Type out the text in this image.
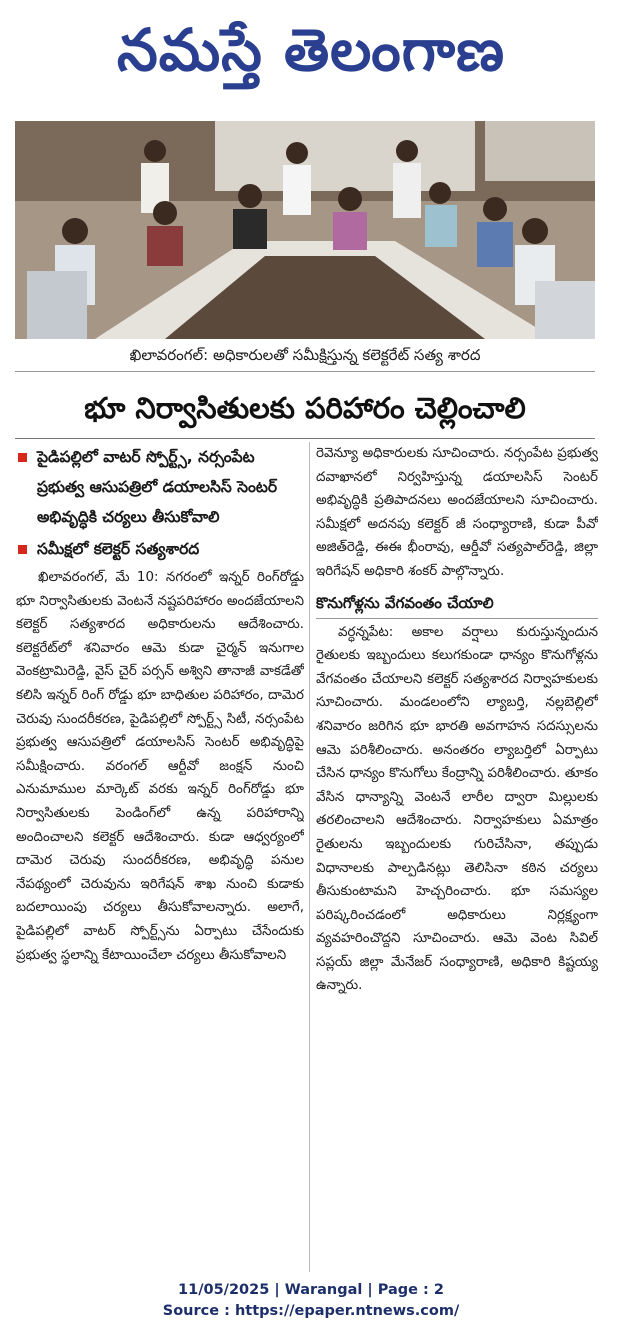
నమస్తే తెలంగాణ
ఖిలావరంగల్‌: అధికారులతో సమీక్షిస్తున్న కలెక్టరేట్‌ సత్య శారద
భూ నిర్వాసితులకు పరిహారం చెల్లించాలి
పైడిపల్లిలో వాటర్‌ స్పోర్ట్స్‌, నర్సంపేట ప్రభుత్వ ఆసుపత్రిలో డయాలసిస్‌ సెంటర్‌ అభివృద్ధికి చర్యలు తీసుకోవాలి
సమీక్షలో కలెక్టర్‌ సత్యశారద

ఖిలావరంగల్‌, మే 10: నగరంలో ఇన్నర్‌ రింగ్‌రోడ్డు భూ నిర్వాసితులకు వెంటనే నష్టపరిహారం అందజేయాలని కలెక్టర్‌ సత్యశారద అధికారులను ఆదేశించారు. కలెక్టరేట్‌లో శనివారం ఆమె కుడా చైర్మన్‌ ఇనుగాల వెంకట్రామిరెడ్డి, వైస్‌ చైర్‌ పర్సన్‌ అశ్విని తానాజీ వాకడేతో కలిసి ఇన్నర్‌ రింగ్‌ రోడ్డు భూ బాధితుల పరిహారం, దామెర చెరువు సుందరీకరణ, పైడిపల్లిలో స్పోర్ట్స్‌ సిటీ, నర్సంపేట ప్రభుత్వ ఆసుపత్రిలో డయాలసిస్‌ సెంటర్‌ అభివృద్ధిపై సమీక్షించారు. వరంగల్‌ ఆర్టీవో జంక్షన్‌ నుంచి ఎనుమాముల మార్కెట్‌ వరకు ఇన్నర్‌ రింగ్‌రోడ్డు భూ నిర్వాసితులకు పెండింగ్‌లో ఉన్న పరిహారాన్ని అందించాలని కలెక్టర్‌ ఆదేశించారు. కుడా ఆధ్వర్యంలో దామెర చెరువు సుందరీకరణ, అభివృద్ధి పనుల నేపథ్యంలో చెరువును ఇరిగేషన్‌ శాఖ నుంచి కుడాకు బదలాయింపు చర్యలు తీసుకోవాలన్నారు. అలాగే, పైడిపల్లిలో వాటర్‌ స్పోర్ట్స్‌ను ఏర్పాటు చేసేందుకు ప్రభుత్వ స్థలాన్ని కేటాయించేలా చర్యలు తీసుకోవాలని

రెవెన్యూ అధికారులకు సూచించారు. నర్సంపేట ప్రభుత్వ దవాఖానలో నిర్వహిస్తున్న డయాలసిస్‌ సెంటర్‌ అభివృద్ధికి ప్రతిపాదనలు అందజేయాలని సూచించారు. సమీక్షలో అదనపు కలెక్టర్‌ జీ సంధ్యారాణి, కుడా పీవో అజిత్‌రెడ్డి, ఈఈ భీంరావు, ఆర్డీవో సత్యపాల్‌రెడ్డి, జిల్లా ఇరిగేషన్‌ అధికారి శంకర్‌ పాల్గొన్నారు.

కొనుగోళ్లను వేగవంతం చేయాలి

వర్ధన్నపేట: అకాల వర్షాలు కురుస్తున్నందున రైతులకు ఇబ్బందులు కలుగకుండా ధాన్యం కొనుగోళ్లను వేగవంతం చేయాలని కలెక్టర్‌ సత్యశారద నిర్వాహకులకు సూచించారు. మండలంలోని ల్యాబర్తి, నల్లబెల్లిలో శనివారం జరిగిన భూ భారతి అవగాహన సదస్సులను ఆమె పరిశీలించారు. అనంతరం ల్యాబర్తిలో ఏర్పాటు చేసిన ధాన్యం కొనుగోలు కేంద్రాన్ని పరిశీలించారు. తూకం వేసిన ధాన్యాన్ని వెంటనే లారీల ద్వారా మిల్లులకు తరలించాలని ఆదేశించారు. నిర్వాహకులు ఏమాత్రం రైతులను ఇబ్బందులకు గురిచేసినా, తప్పుడు విధానాలకు పాల్పడినట్లు తెలిసినా కఠిన చర్యలు తీసుకుంటామని హెచ్చరించారు. భూ సమస్యల పరిష్కరించడంలో అధికారులు నిర్లక్ష్యంగా వ్యవహరించొద్దని సూచించారు. ఆమె వెంట సివిల్‌ సప్లయ్‌ జిల్లా మేనేజర్‌ సంధ్యారాణి, అధికారి కిష్టయ్య ఉన్నారు.

11/05/2025 | Warangal | Page : 2
Source : https://epaper.ntnews.com/
